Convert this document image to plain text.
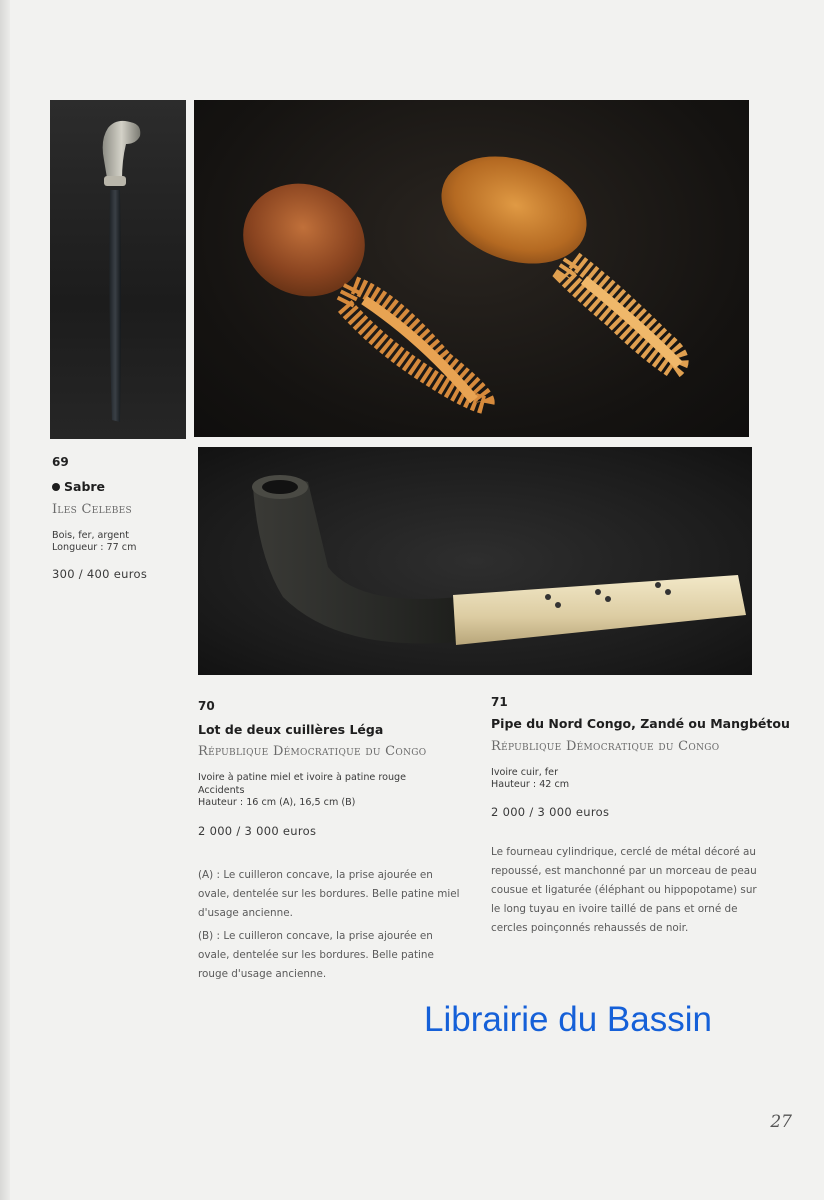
69
Sabre
Iles Celebes
Bois, fer, argent
Longueur : 77 cm
300 / 400 euros
70
Lot de deux cuillères Léga
République Démocratique du Congo
Ivoire à patine miel et ivoire à patine rouge
Accidents
Hauteur : 16 cm (A), 16,5 cm (B)
2 000 / 3 000 euros

(A) : Le cuilleron concave, la prise ajourée en ovale, dentelée sur les bordures. Belle patine miel d'usage ancienne.

(B) : Le cuilleron concave, la prise ajourée en ovale, dentelée sur les bordures. Belle patine rouge d'usage ancienne.

71
Pipe du Nord Congo, Zandé ou Mangbétou
République Démocratique du Congo
Ivoire cuir, fer
Hauteur : 42 cm
2 000 / 3 000 euros

Le fourneau cylindrique, cerclé de métal décoré au repoussé, est manchonné par un morceau de peau cousue et ligaturée (éléphant ou hippopotame) sur le long tuyau en ivoire taillé de pans et orné de cercles poinçonnés rehaussés de noir.

Librairie du Bassin
27
